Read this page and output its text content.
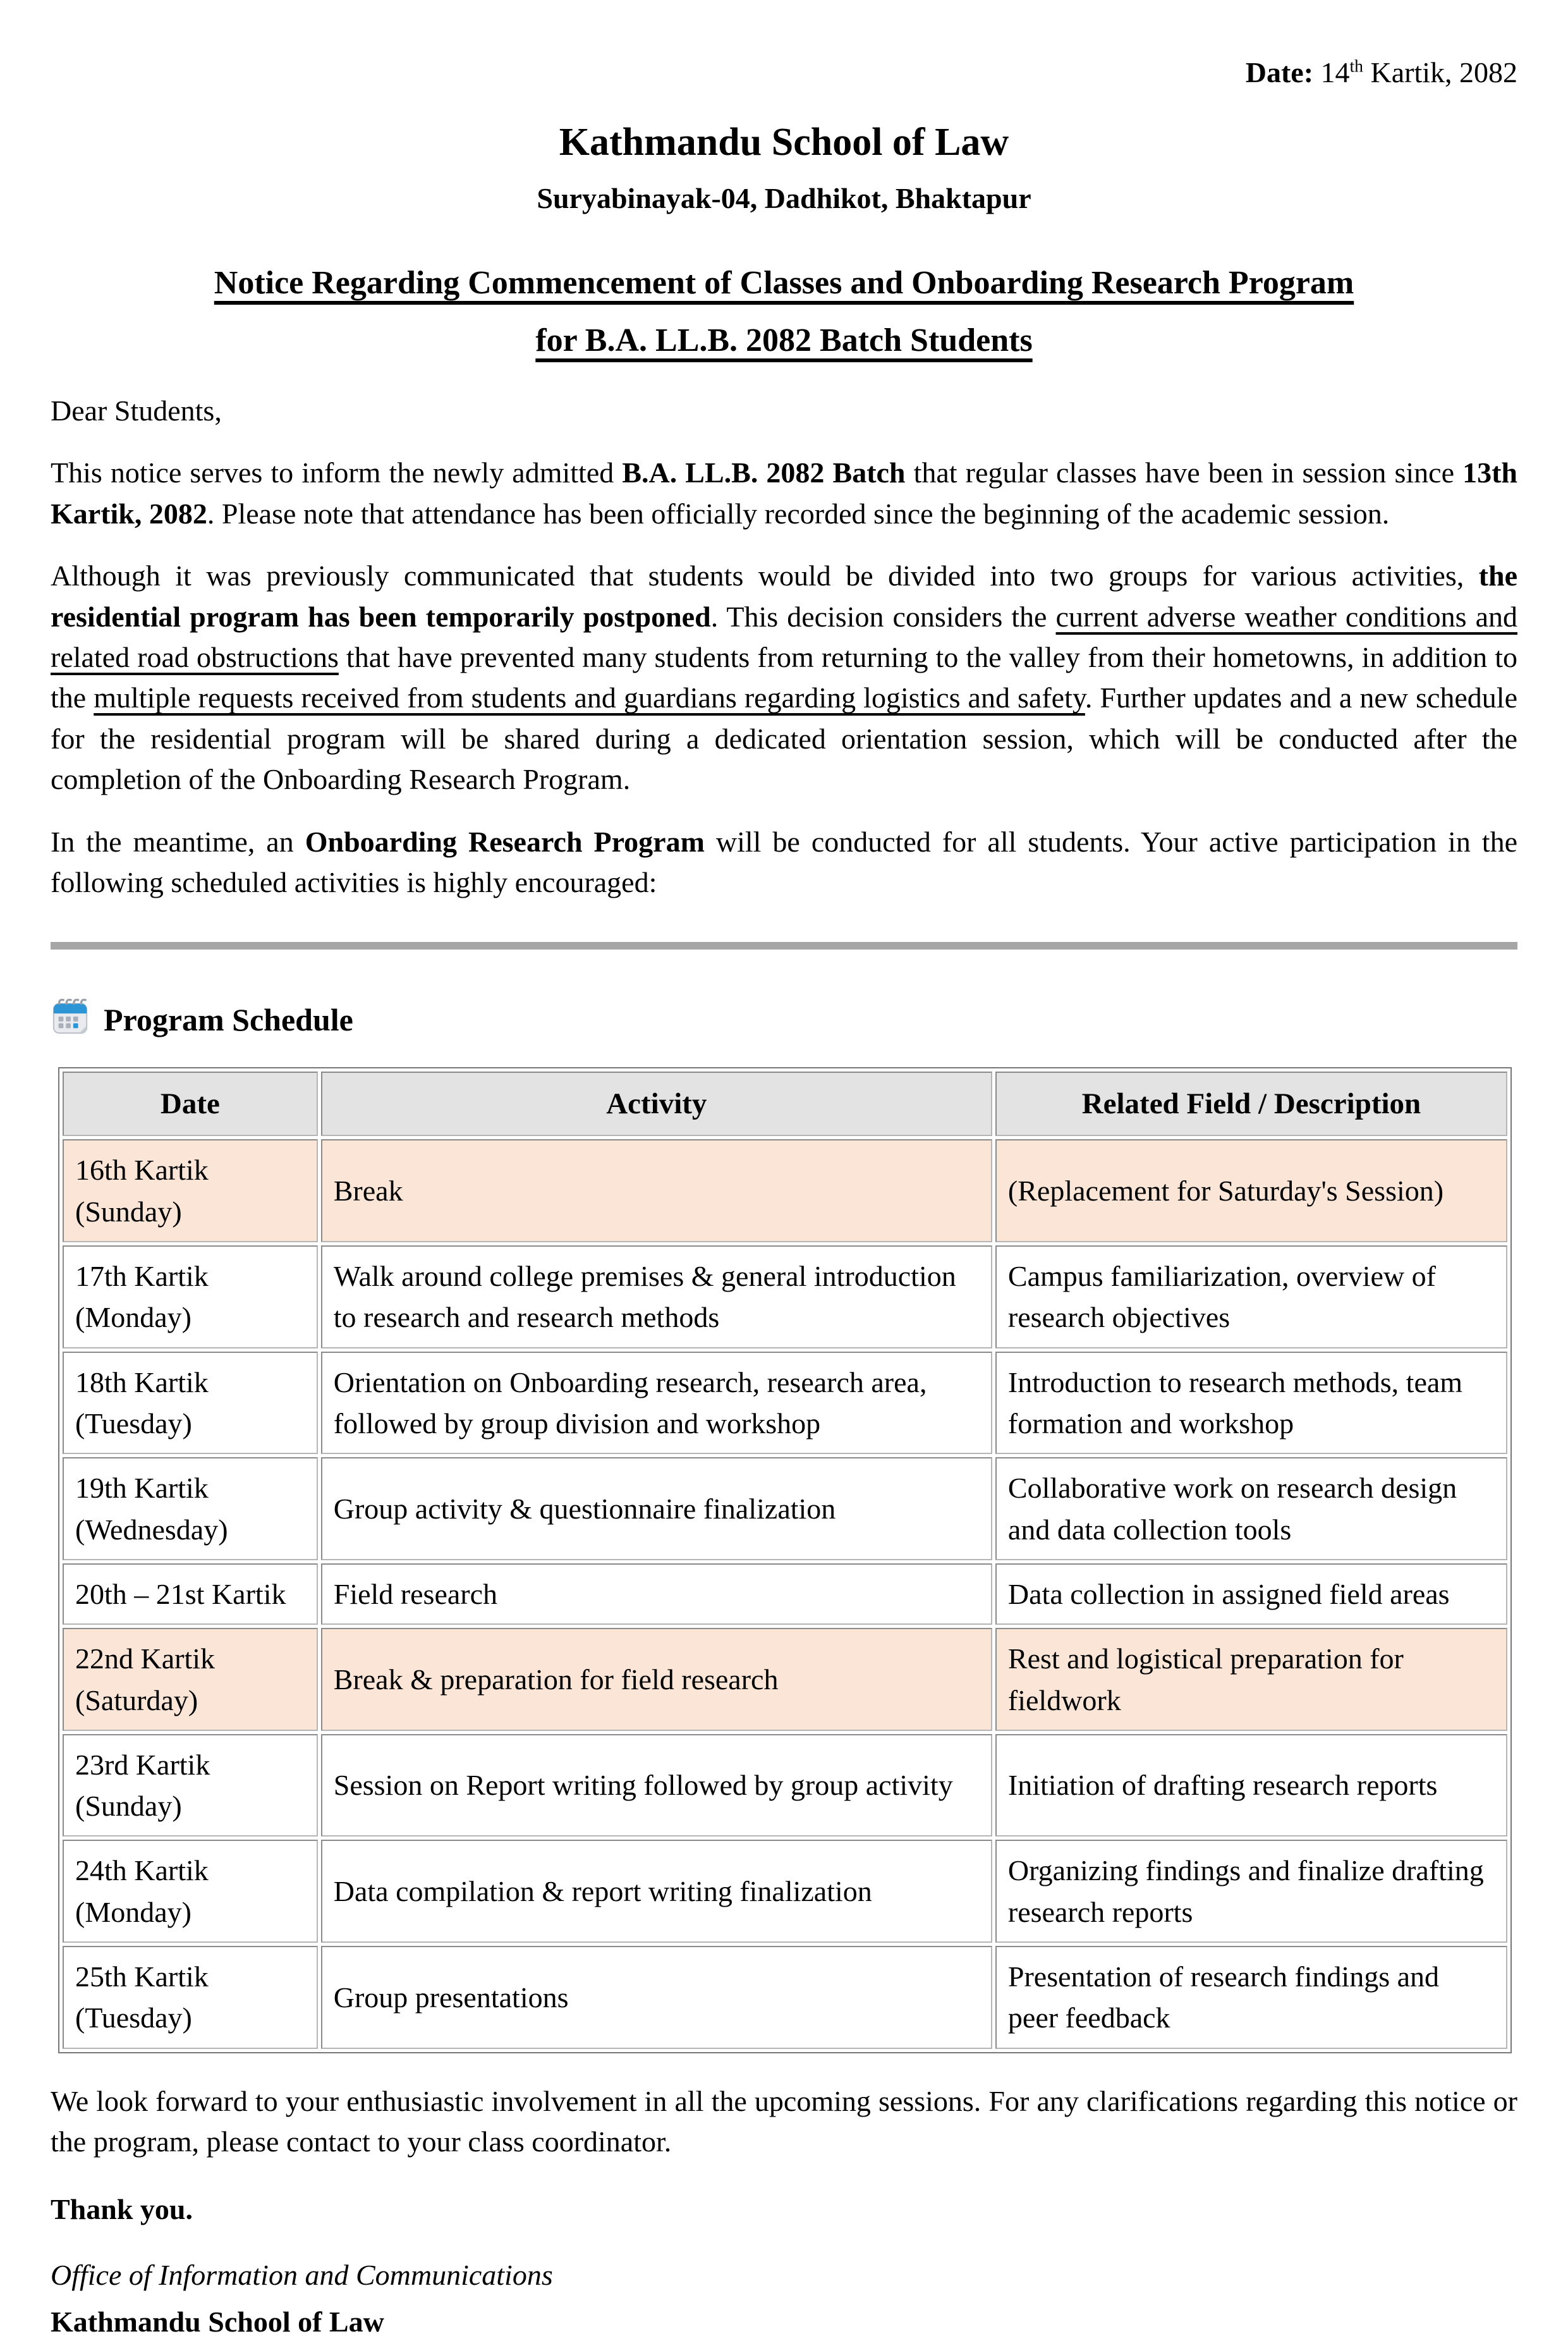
Date: 14th Kartik, 2082
Kathmandu School of Law
Suryabinayak-04, Dadhikot, Bhaktapur
Notice Regarding Commencement of Classes and Onboarding Research Program
for B.A. LL.B. 2082 Batch Students

Dear Students,

This notice serves to inform the newly admitted B.A. LL.B. 2082 Batch that regular classes have been in session since 13th Kartik, 2082. Please note that attendance has been officially recorded since the beginning of the academic session.

Although it was previously communicated that students would be divided into two groups for various activities, the residential program has been temporarily postponed. This decision considers the current adverse weather conditions and related road obstructions that have prevented many students from returning to the valley from their hometowns, in addition to the multiple requests received from students and guardians regarding logistics and safety. Further updates and a new schedule for the residential program will be shared during a dedicated orientation session, which will be conducted after the completion of the Onboarding Research Program.

In the meantime, an Onboarding Research Program will be conducted for all students. Your active participation in the following scheduled activities is highly encouraged:

Program Schedule
Date	Activity	Related Field / Description
16th Kartik (Sunday)	Break	(Replacement for Saturday's Session)
17th Kartik (Monday)	Walk around college premises & general introduction to research and research methods	Campus familiarization, overview of research objectives
18th Kartik (Tuesday)	Orientation on Onboarding research, research area, followed by group division and workshop	Introduction to research methods, team formation and workshop
19th Kartik (Wednesday)	Group activity & questionnaire finalization	Collaborative work on research design and data collection tools
20th – 21st Kartik	Field research	Data collection in assigned field areas
22nd Kartik (Saturday)	Break & preparation for field research	Rest and logistical preparation for fieldwork
23rd Kartik (Sunday)	Session on Report writing followed by group activity	Initiation of drafting research reports
24th Kartik (Monday)	Data compilation & report writing finalization	Organizing findings and finalize drafting research reports
25th Kartik (Tuesday)	Group presentations	Presentation of research findings and peer feedback

We look forward to your enthusiastic involvement in all the upcoming sessions. For any clarifications regarding this notice or the program, please contact to your class coordinator.

Thank you.
Office of Information and Communications
Kathmandu School of Law
